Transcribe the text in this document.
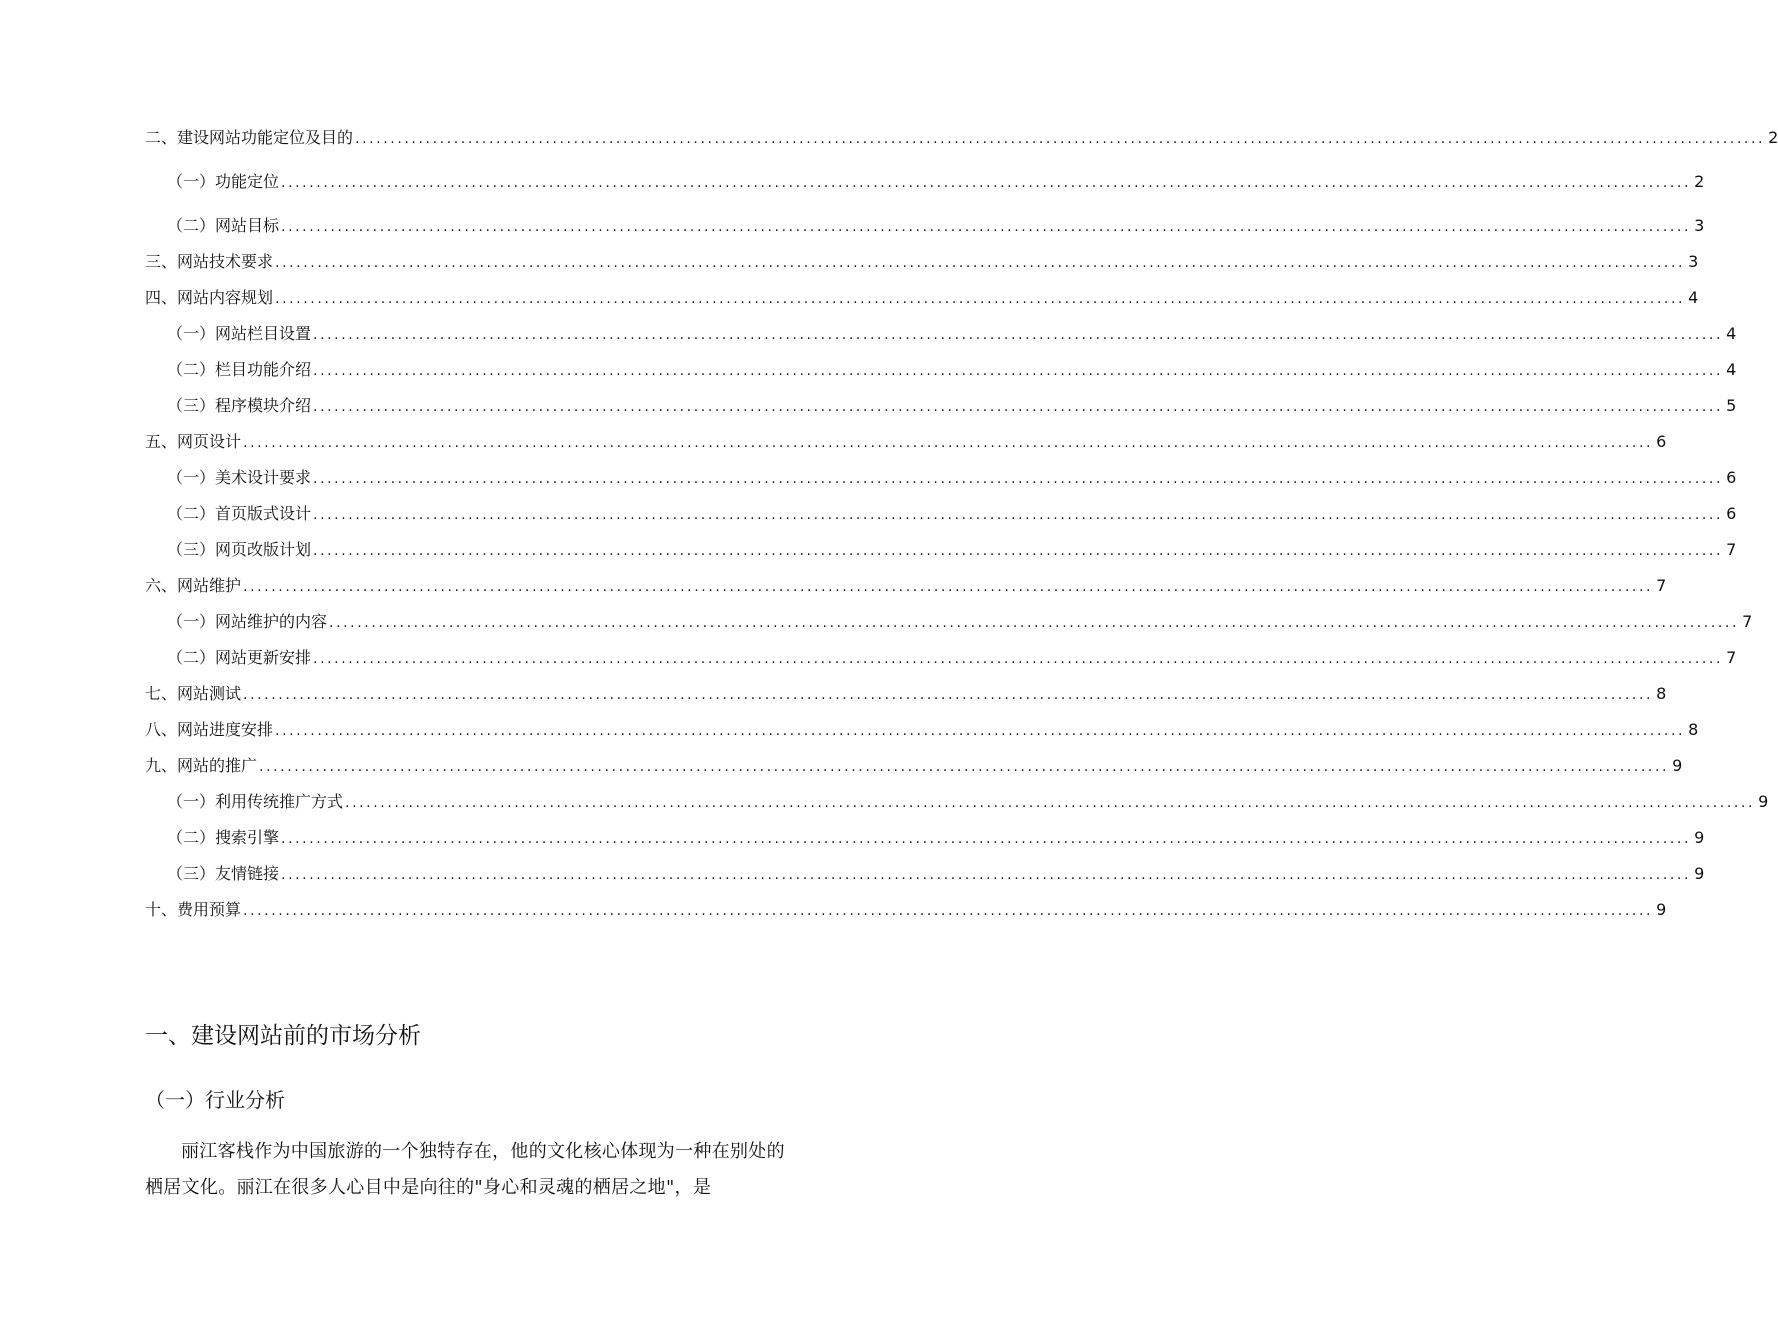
二、建设网站功能定位及目的 ........................................................................................................................................................................................................ 2
（一）功能定位 ........................................................................................................................................................................................................ 2
（二）网站目标 ........................................................................................................................................................................................................ 3
三、网站技术要求 ........................................................................................................................................................................................................ 3
四、网站内容规划 ........................................................................................................................................................................................................ 4
（一）网站栏目设置 ........................................................................................................................................................................................................ 4
（二）栏目功能介绍 ........................................................................................................................................................................................................ 4
（三）程序模块介绍 ........................................................................................................................................................................................................ 5
五、网页设计 ........................................................................................................................................................................................................ 6
（一）美术设计要求 ........................................................................................................................................................................................................ 6
（二）首页版式设计 ........................................................................................................................................................................................................ 6
（三）网页改版计划 ........................................................................................................................................................................................................ 7
六、网站维护 ........................................................................................................................................................................................................ 7
（一）网站维护的内容 ........................................................................................................................................................................................................ 7
（二）网站更新安排 ........................................................................................................................................................................................................ 7
七、网站测试 ........................................................................................................................................................................................................ 8
八、网站进度安排 ........................................................................................................................................................................................................ 8
九、网站的推广 ........................................................................................................................................................................................................ 9
（一）利用传统推广方式 ........................................................................................................................................................................................................ 9
（二）搜索引擎 ........................................................................................................................................................................................................ 9
（三）友情链接 ........................................................................................................................................................................................................ 9
十、费用预算 ........................................................................................................................................................................................................ 9
一、建设网站前的市场分析
（一）行业分析

丽江客栈作为中国旅游的一个独特存在，他的文化核心体现为一种在别处的栖居文化。丽江在很多人心目中是向往的"身心和灵魂的栖居之地"，是
